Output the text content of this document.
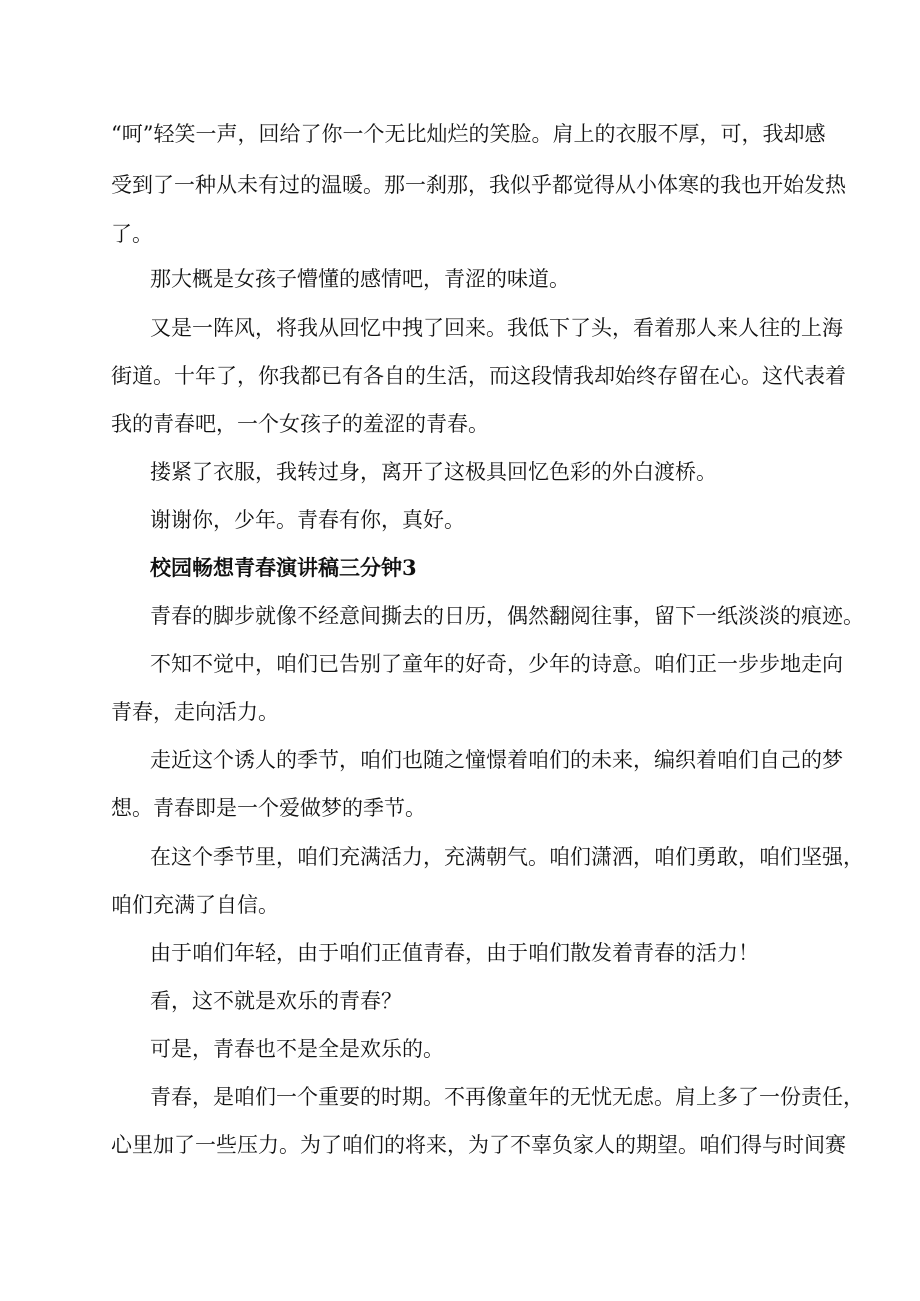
“呵”轻笑一声，回给了你一个无比灿烂的笑脸。肩上的衣服不厚，可，我却感
受到了一种从未有过的温暖。那一刹那，我似乎都觉得从小体寒的我也开始发热
了。
那大概是女孩子懵懂的感情吧，青涩的味道。
又是一阵风，将我从回忆中拽了回来。我低下了头，看着那人来人往的上海
街道。十年了，你我都已有各自的生活，而这段情我却始终存留在心。这代表着
我的青春吧，一个女孩子的羞涩的青春。
搂紧了衣服，我转过身，离开了这极具回忆色彩的外白渡桥。
谢谢你，少年。青春有你，真好。
校园畅想青春演讲稿三分钟3
青春的脚步就像不经意间撕去的日历，偶然翻阅往事，留下一纸淡淡的痕迹。
不知不觉中，咱们已告别了童年的好奇，少年的诗意。咱们正一步步地走向
青春，走向活力。
走近这个诱人的季节，咱们也随之憧憬着咱们的未来，编织着咱们自己的梦
想。青春即是一个爱做梦的季节。
在这个季节里，咱们充满活力，充满朝气。咱们潇洒，咱们勇敢，咱们坚强，
咱们充满了自信。
由于咱们年轻，由于咱们正值青春，由于咱们散发着青春的活力！
看，这不就是欢乐的青春？
可是，青春也不是全是欢乐的。
青春，是咱们一个重要的时期。不再像童年的无忧无虑。肩上多了一份责任，
心里加了一些压力。为了咱们的将来，为了不辜负家人的期望。咱们得与时间赛
